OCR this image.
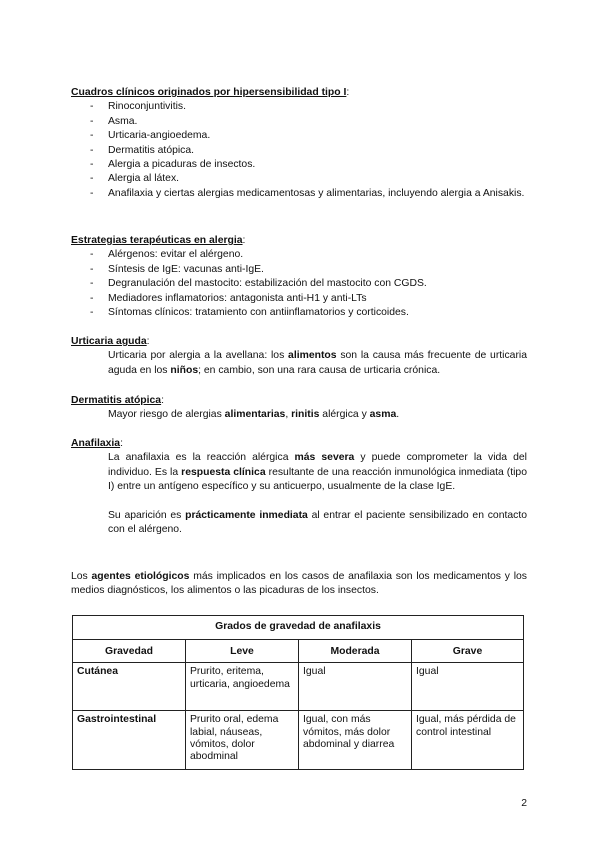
Cuadros clínicos originados por hipersensibilidad tipo I:
- Rinoconjuntivitis.
- Asma.
- Urticaria-angioedema.
- Dermatitis atópica.
- Alergia a picaduras de insectos.
- Alergia al látex.
- Anafilaxia y ciertas alergias medicamentosas y alimentarias, incluyendo alergia a Anisakis.
Estrategias terapéuticas en alergia:
- Alérgenos: evitar el alérgeno.
- Síntesis de IgE: vacunas anti-IgE.
- Degranulación del mastocito: estabilización del mastocito con CGDS.
- Mediadores inflamatorios: antagonista anti-H1 y anti-LTs
- Síntomas clínicos: tratamiento con antiinflamatorios y corticoides.
Urticaria aguda:
Urticaria por alergia a la avellana: los alimentos son la causa más frecuente de urticaria aguda en los niños; en cambio, son una rara causa de urticaria crónica.
Dermatitis atópica:
Mayor riesgo de alergias alimentarias, rinitis alérgica y asma.
Anafilaxia:
La anafilaxia es la reacción alérgica más severa y puede comprometer la vida del individuo. Es la respuesta clínica resultante de una reacción inmunológica inmediata (tipo I) entre un antígeno específico y su anticuerpo, usualmente de la clase IgE.
Su aparición es prácticamente inmediata al entrar el paciente sensibilizado en contacto con el alérgeno.
Los agentes etiológicos más implicados en los casos de anafilaxia son los medicamentos y los medios diagnósticos, los alimentos o las picaduras de los insectos.
Grados de gravedad de anafilaxis			
Gravedad	Leve	Moderada	Grave
Cutánea	Prurito, eritema, urticaria, angioedema	Igual	Igual
Gastrointestinal	Prurito oral, edema labial, náuseas, vómitos, dolor abodminal	Igual, con más vómitos, más dolor abdominal y diarrea	Igual, más pérdida de control intestinal
2
